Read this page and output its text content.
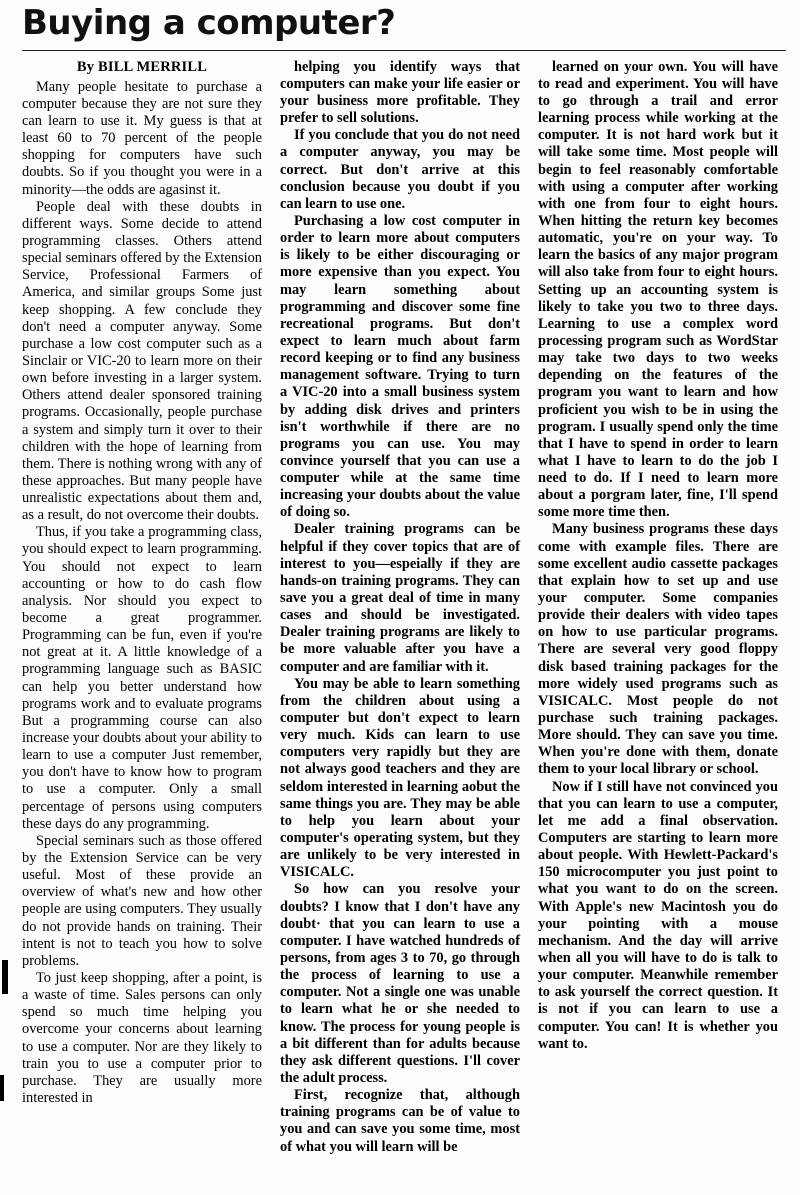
Buying a computer?
By BILL MERRILL

Many people hesitate to purchase a computer because they are not sure they can learn to use it. My guess is that at least 60 to 70 percent of the people shopping for computers have such doubts. So if you thought you were in a minority—the odds are agasinst it.

People deal with these doubts in different ways. Some decide to attend programming classes. Others attend special seminars offered by the Extension Service, Professional Farmers of America, and similar groups Some just keep shopping. A few conclude they don't need a computer anyway. Some purchase a low cost computer such as a Sinclair or VIC-20 to learn more on their own before investing in a larger system. Others attend dealer sponsored training programs. Occasionally, people purchase a system and simply turn it over to their children with the hope of learning from them. There is nothing wrong with any of these approaches. But many people have unrealistic expectations about them and, as a result, do not overcome their doubts.

Thus, if you take a programming class, you should expect to learn programming. You should not expect to learn accounting or how to do cash flow analysis. Nor should you expect to become a great programmer. Programming can be fun, even if you're not great at it. A little knowledge of a programming language such as BASIC can help you better understand how programs work and to evaluate programs But a programming course can also increase your doubts about your ability to learn to use a computer Just remember, you don't have to know how to program to use a computer. Only a small percentage of persons using computers these days do any programming.

Special seminars such as those offered by the Extension Service can be very useful. Most of these provide an overview of what's new and how other people are using computers. They usually do not provide hands on training. Their intent is not to teach you how to solve problems.

To just keep shopping, after a point, is a waste of time. Sales persons can only spend so much time helping you overcome your concerns about learning to use a computer. Nor are they likely to train you to use a computer prior to purchase. They are usually more interested in

helping you identify ways that computers can make your life easier or your business more profitable. They prefer to sell solutions.

If you conclude that you do not need a computer anyway, you may be correct. But don't arrive at this conclusion because you doubt if you can learn to use one.

Purchasing a low cost computer in order to learn more about computers is likely to be either discouraging or more expensive than you expect. You may learn something about programming and discover some fine recreational programs. But don't expect to learn much about farm record keeping or to find any business management software. Trying to turn a VIC-20 into a small business system by adding disk drives and printers isn't worthwhile if there are no programs you can use. You may convince yourself that you can use a computer while at the same time increasing your doubts about the value of doing so.

Dealer training programs can be helpful if they cover topics that are of interest to you—espeially if they are hands-on training programs. They can save you a great deal of time in many cases and should be investigated. Dealer training programs are likely to be more valuable after you have a computer and are familiar with it.

You may be able to learn something from the children about using a computer but don't expect to learn very much. Kids can learn to use computers very rapidly but they are not always good teachers and they are seldom interested in learning aobut the same things you are. They may be able to help you learn about your computer's operating system, but they are unlikely to be very interested in VISICALC.

So how can you resolve your doubts? I know that I don't have any doubt· that you can learn to use a computer. I have watched hundreds of persons, from ages 3 to 70, go through the process of learning to use a computer. Not a single one was unable to learn what he or she needed to know. The process for young people is a bit different than for adults because they ask different questions. I'll cover the adult process.

First, recognize that, although training programs can be of value to you and can save you some time, most of what you will learn will be

learned on your own. You will have to read and experiment. You will have to go through a trail and error learning process while working at the computer. It is not hard work but it will take some time. Most people will begin to feel reasonably comfortable with using a computer after working with one from four to eight hours. When hitting the return key becomes automatic, you're on your way. To learn the basics of any major program will also take from four to eight hours. Setting up an accounting system is likely to take you two to three days. Learning to use a complex word processing program such as WordStar may take two days to two weeks depending on the features of the program you want to learn and how proficient you wish to be in using the program. I usually spend only the time that I have to spend in order to learn what I have to learn to do the job I need to do. If I need to learn more about a porgram later, fine, I'll spend some more time then.

Many business programs these days come with example files. There are some excellent audio cassette packages that explain how to set up and use your computer. Some companies provide their dealers with video tapes on how to use particular programs. There are several very good floppy disk based training packages for the more widely used programs such as VISICALC. Most people do not purchase such training packages. More should. They can save you time. When you're done with them, donate them to your local library or school.

Now if I still have not convinced you that you can learn to use a computer, let me add a final observation. Computers are starting to learn more about people. With Hewlett-Packard's 150 microcomputer you just point to what you want to do on the screen. With Apple's new Macintosh you do your pointing with a mouse mechanism. And the day will arrive when all you will have to do is talk to your computer. Meanwhile remember to ask yourself the correct question. It is not if you can learn to use a computer. You can! It is whether you want to.
